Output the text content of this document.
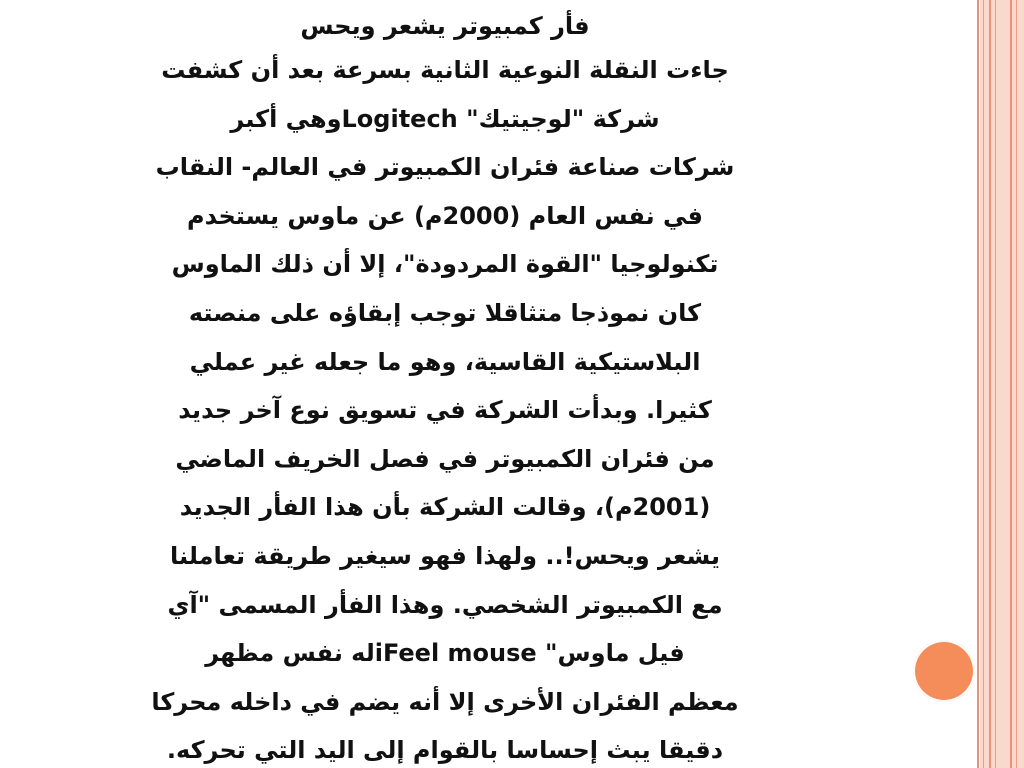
فأر كمبيوتر يشعر ويحس
جاءت النقلة النوعية الثانية بسرعة بعد أن كشفت
شركة "لوجيتيك" Logitechوهي أكبر
شركات صناعة فئران الكمبيوتر في العالم- النقاب
في نفس العام (2000م) عن ماوس يستخدم
تكنولوجيا "القوة المردودة"، إلا أن ذلك الماوس
كان نموذجا متثاقلا توجب إبقاؤه على منصته
البلاستيكية القاسية، وهو ما جعله غير عملي
كثيرا. وبدأت الشركة في تسويق نوع آخر جديد
من فئران الكمبيوتر في فصل الخريف الماضي
(2001م)، وقالت الشركة بأن هذا الفأر الجديد
يشعر ويحس!.. ولهذا فهو سيغير طريقة تعاملنا
مع الكمبيوتر الشخصي. وهذا الفأر المسمى "آي
فيل ماوس" iFeel mouseله نفس مظهر
معظم الفئران الأخرى إلا أنه يضم في داخله محركا
دقيقا يبث إحساسا بالقوام إلى اليد التي تحركه.
